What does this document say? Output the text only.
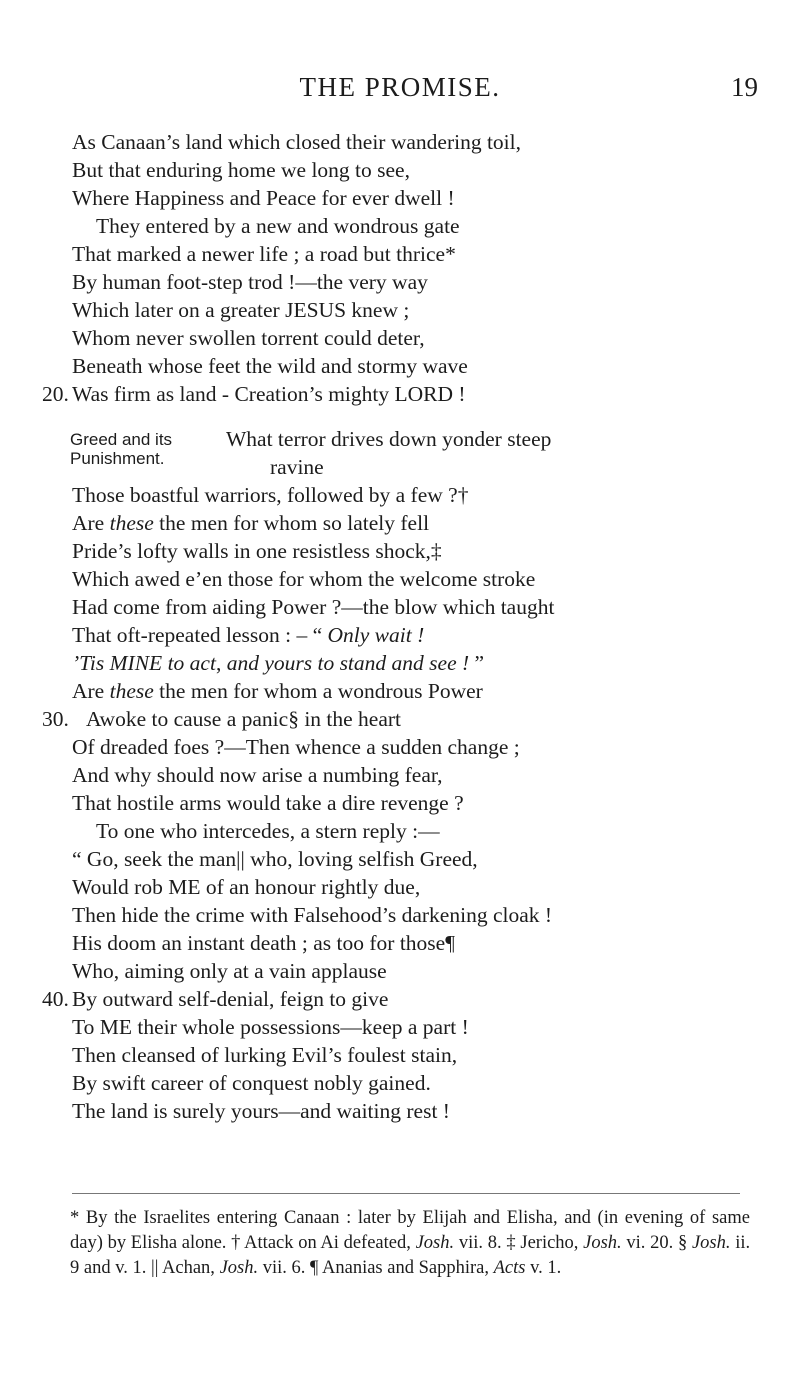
THE PROMISE.	19
As Canaan’s land which closed their wandering toil,
But that enduring home we long to see,
Where Happiness and Peace for ever dwell !
They entered by a new and wondrous gate
That marked a newer life ; a road but thrice*
By human foot-step trod !—the very way
Which later on a greater JESUS knew ;
Whom never swollen torrent could deter,
Beneath whose feet the wild and stormy wave
20. Was firm as land - Creation’s mighty LORD !
Greed and its
Punishment.
What terror drives down yonder steep
ravine
Those boastful warriors, followed by a few ?†
Are these the men for whom so lately fell
Pride’s lofty walls in one resistless shock,‡
Which awed e’en those for whom the welcome stroke
Had come from aiding Power ?—the blow which taught
That oft-repeated lesson : – “ Only wait !
’Tis MINE to act, and yours to stand and see ! ”
Are these the men for whom a wondrous Power
30. Awoke to cause a panic§ in the heart
Of dreaded foes ?—Then whence a sudden change ;
And why should now arise a numbing fear,
That hostile arms would take a dire revenge ?
To one who intercedes, a stern reply :—
“ Go, seek the man|| who, loving selfish Greed,
Would rob ME of an honour rightly due,
Then hide the crime with Falsehood’s darkening cloak !
His doom an instant death ; as too for those¶
Who, aiming only at a vain applause
40. By outward self-denial, feign to give
To ME their whole possessions—keep a part !
Then cleansed of lurking Evil’s foulest stain,
By swift career of conquest nobly gained.
The land is surely yours—and waiting rest !
* By the Israelites entering Canaan : later by Elijah and Elisha, and (in evening of same day) by Elisha alone. † Attack on Ai defeated, Josh. vii. 8. ‡ Jericho, Josh. vi. 20. § Josh. ii. 9 and v. 1. || Achan, Josh. vii. 6. ¶ Ananias and Sapphira, Acts v. 1.
